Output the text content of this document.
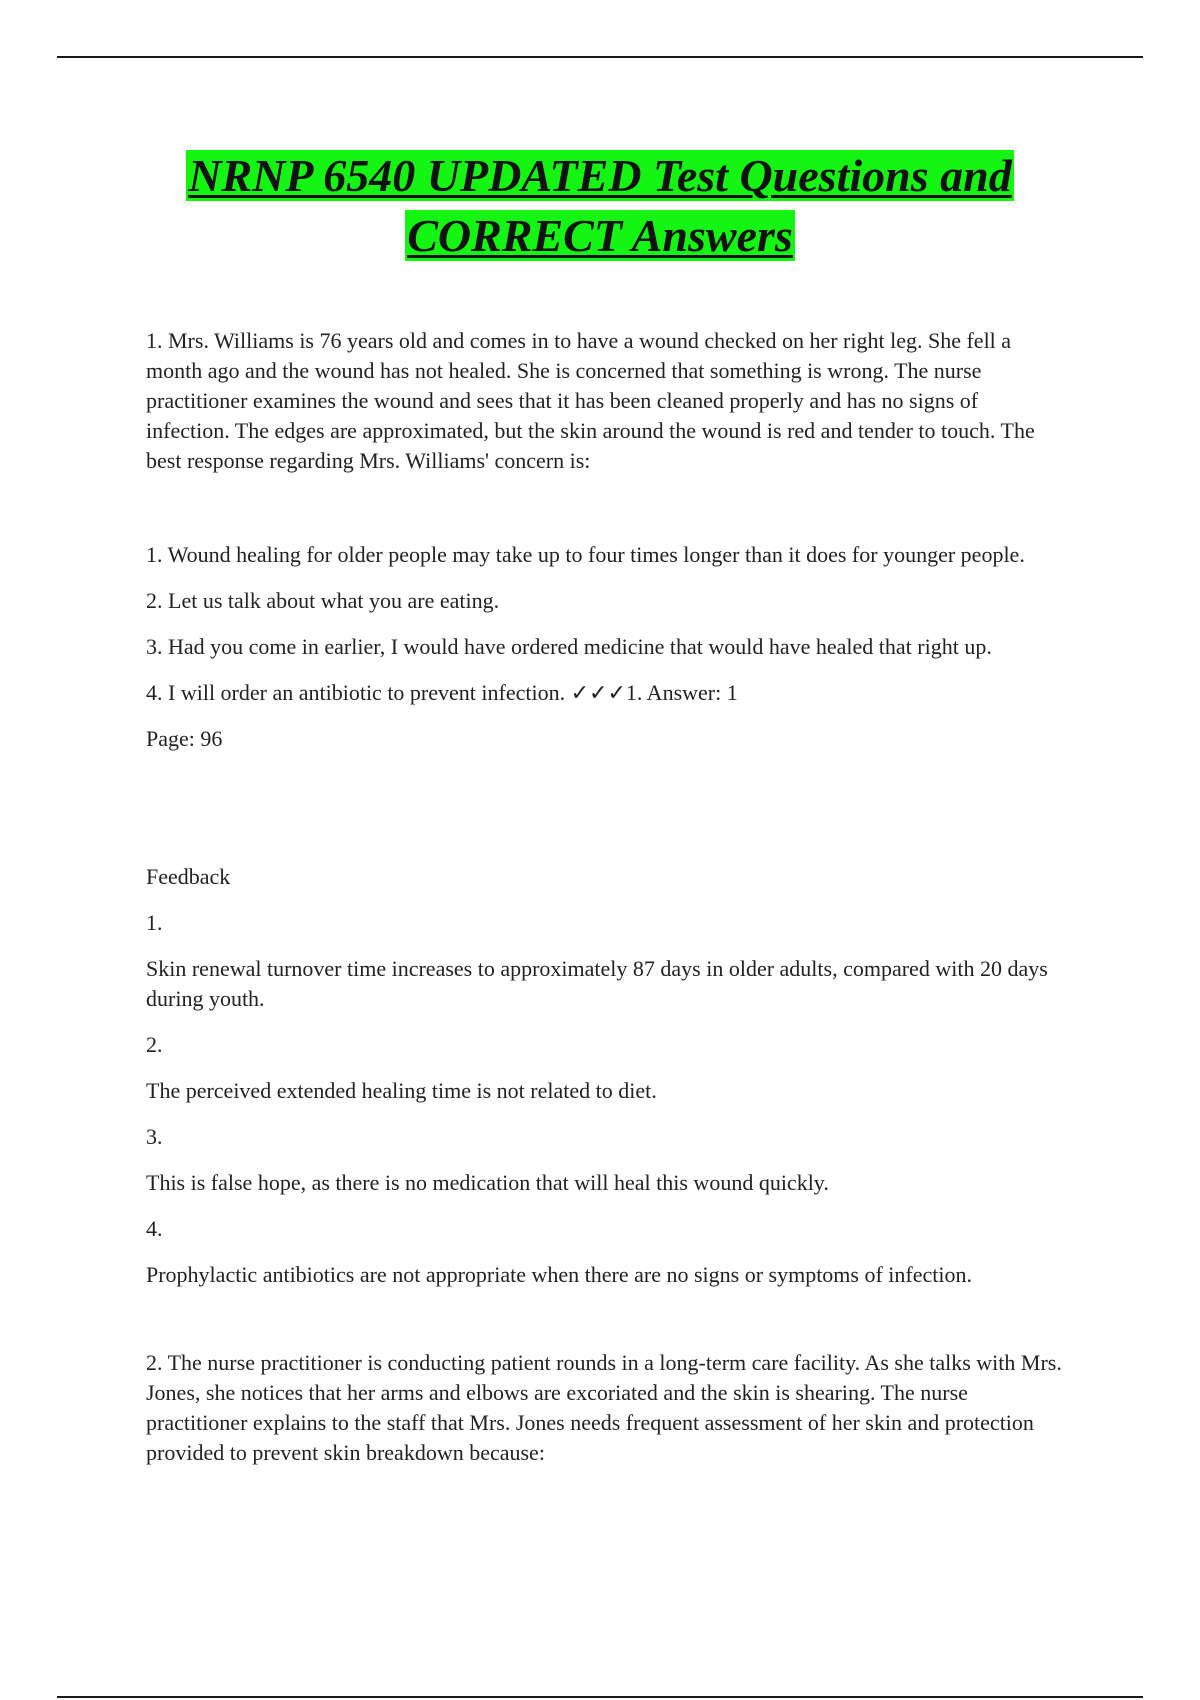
NRNP 6540 UPDATED Test Questions and
CORRECT Answers

1. Mrs. Williams is 76 years old and comes in to have a wound checked on her right leg. She fell a month ago and the wound has not healed. She is concerned that something is wrong. The nurse practitioner examines the wound and sees that it has been cleaned properly and has no signs of infection. The edges are approximated, but the skin around the wound is red and tender to touch. The best response regarding Mrs. Williams' concern is:

1. Wound healing for older people may take up to four times longer than it does for younger people.

2. Let us talk about what you are eating.

3. Had you come in earlier, I would have ordered medicine that would have healed that right up.

4. I will order an antibiotic to prevent infection. ✓✓✓1. Answer: 1

Page: 96

Feedback

1.

Skin renewal turnover time increases to approximately 87 days in older adults, compared with 20 days during youth.

2.

The perceived extended healing time is not related to diet.

3.

This is false hope, as there is no medication that will heal this wound quickly.

4.

Prophylactic antibiotics are not appropriate when there are no signs or symptoms of infection.

2. The nurse practitioner is conducting patient rounds in a long-term care facility. As she talks with Mrs. Jones, she notices that her arms and elbows are excoriated and the skin is shearing. The nurse practitioner explains to the staff that Mrs. Jones needs frequent assessment of her skin and protection provided to prevent skin breakdown because:
